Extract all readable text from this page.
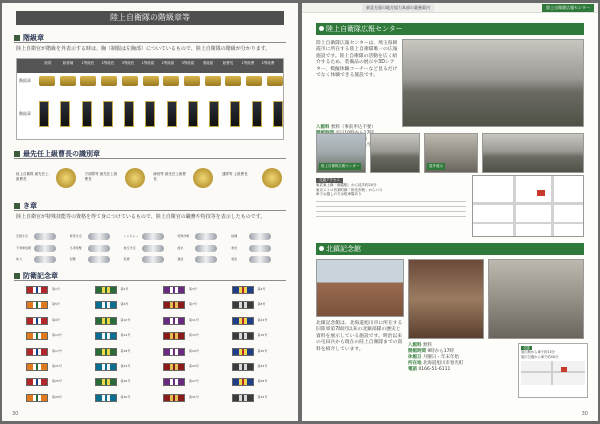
陸上自衛隊の階級章等
階級章
陸上自衛官が階級を外表示する時は、胸（制服は左胸部）についているもので、陸上自衛隊の階級が分かります。
陸将	陸将補	1等陸佐	2等陸佐	3等陸佐	1等陸尉	2等陸尉	3等陸尉	准陸尉	陸曹長	1等陸曹	2等陸曹
階級章
階級章
最先任上級曹長の識別章
陸上自衛隊 最先任上級曹長
方面隊等 最先任上級曹長
師団等 最先任上級曹長
連隊等 上級曹長
き章
陸上自衛官が特殊技能等の資格を得て身につけているもので、陸上自衛官の職務や特技等を表示したものです。
空挺き章	幹部き章	レンジャー	特殊作戦	格闘
不発弾処理	冬季遊撃	航空き章	潜水	救急
体力	射撃	医療	通信	施設
防衛記念章
第1号	第2号	第3号	第4号
第5号	第6号	第7号	第8号
第9号	第10号	第11号	第12号
第13号	第14号	第15号	第16号
第17号	第18号	第19号	第20号
第21号	第22号	第23号	第24号
第25号	第26号	第27号	第28号
第29号	第30号	第31号	第32号
30
東北方面の地方協力本部の業務案内	陸上自衛隊広報センター
陸上自衛隊広報センター
陸上自衛隊広報センターは、埼玉県朝霞市に所在する陸上自衛隊唯一の広報施設です。陸上自衛隊の活動を広く紹介するため、装備品の展示や3Dシアター、模擬体験コーナーなど見るだけでなく体験できる施設です。
入館料 無料（事前申込不要）
陸上自衛隊広報センター	屋外展示
交通アクセス
東武東上線「朝霞駅」から徒歩約20分
東京メトロ有楽町線「和光市駅」からバス
車でお越しの方は駐車場あり
北鎮記念館
北鎮記念館は、北海道旭川市に所在する旧陸軍第7師団以来の北鎮部隊の歴史と資料を展示している施設です。明治以来の屯田兵から現在の陸上自衛隊までの資料を紹介しています。
入館料 無料
開館時間 9時から17時
休館日 月曜日・年末年始
所在地 北海道旭川市春光町
電話 0166-51-6111
交通
旭川駅から車で約15分
旭川空港から車で約40分
30
